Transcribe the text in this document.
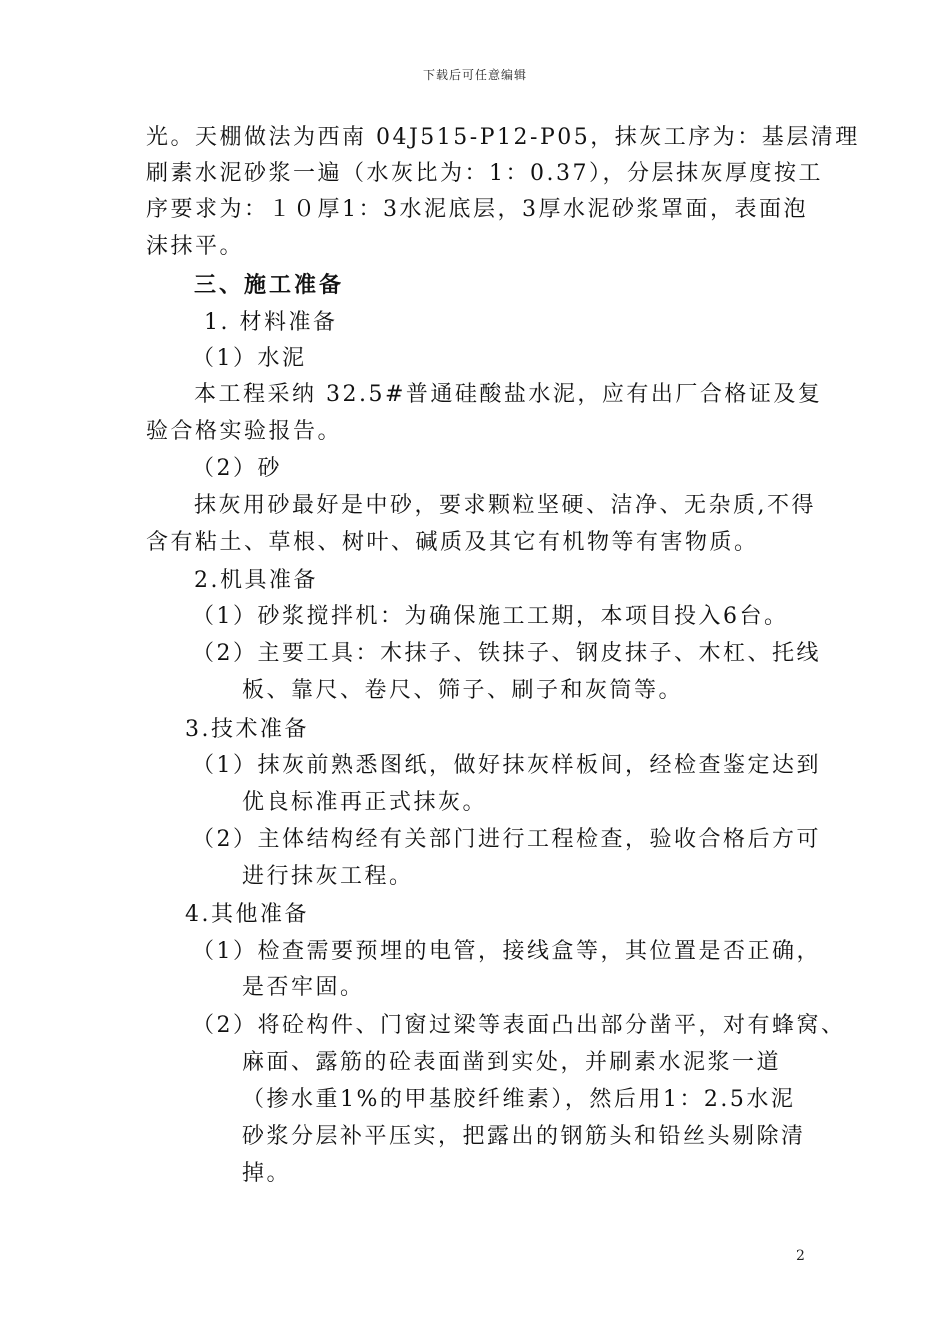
下载后可任意编辑
光。天棚做法为西南 04J515-P12-P05，抹灰工序为：基层清理
刷素水泥砂浆一遍（水灰比为：1：0.37），分层抹灰厚度按工
序要求为：１０厚1：3水泥底层，3厚水泥砂浆罩面，表面泡
沫抹平。
三、施工准备
1. 材料准备
（1）水泥
本工程采纳 32.5#普通硅酸盐水泥，应有出厂合格证及复
验合格实验报告。
（2）砂
抹灰用砂最好是中砂，要求颗粒坚硬、洁净、无杂质,不得
含有粘土、草根、树叶、碱质及其它有机物等有害物质。
2.机具准备
（1）砂浆搅拌机：为确保施工工期，本项目投入6台。
（2）主要工具：木抹子、铁抹子、钢皮抹子、木杠、托线
板、靠尺、卷尺、筛子、刷子和灰筒等。
3.技术准备
（1）抹灰前熟悉图纸，做好抹灰样板间，经检查鉴定达到
优良标准再正式抹灰。
（2）主体结构经有关部门进行工程检查，验收合格后方可
进行抹灰工程。
4.其他准备
（1）检查需要预埋的电管，接线盒等，其位置是否正确，
是否牢固。
（2）将砼构件、门窗过梁等表面凸出部分凿平，对有蜂窝、
麻面、露筋的砼表面凿到实处，并刷素水泥浆一道
（掺水重1%的甲基胶纤维素），然后用1：2.5水泥
砂浆分层补平压实，把露出的钢筋头和铅丝头剔除清
掉。
2
